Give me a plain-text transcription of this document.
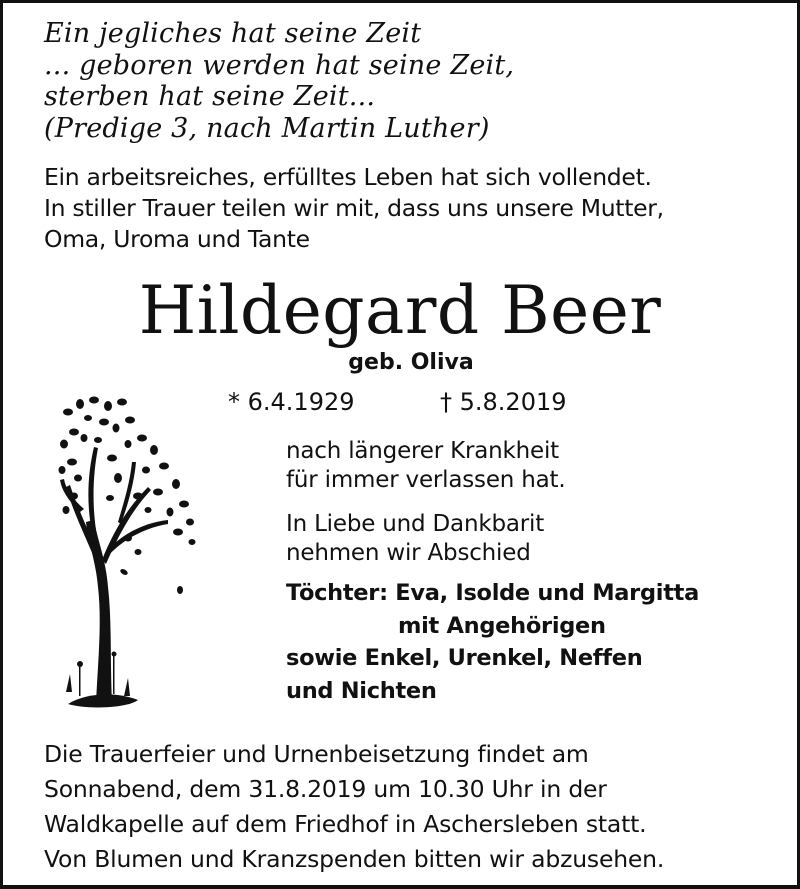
Ein jegliches hat seine Zeit
... geboren werden hat seine Zeit,
sterben hat seine Zeit...
(Predige 3, nach Martin Luther)
Ein arbeitsreiches, erfülltes Leben hat sich vollendet.
In stiller Trauer teilen wir mit, dass uns unsere Mutter,
Oma, Uroma und Tante
Hildegard Beer
geb. Oliva
* 6.4.1929	† 5.8.2019
nach längerer Krankheit
für immer verlassen hat.
In Liebe und Dankbarit
nehmen wir Abschied
Töchter: Eva, Isolde und Margitta
mit Angehörigen
sowie Enkel, Urenkel, Neffen
und Nichten
Die Trauerfeier und Urnenbeisetzung findet am
Sonnabend, dem 31.8.2019 um 10.30 Uhr in der
Waldkapelle auf dem Friedhof in Aschersleben statt.
Von Blumen und Kranzspenden bitten wir abzusehen.
